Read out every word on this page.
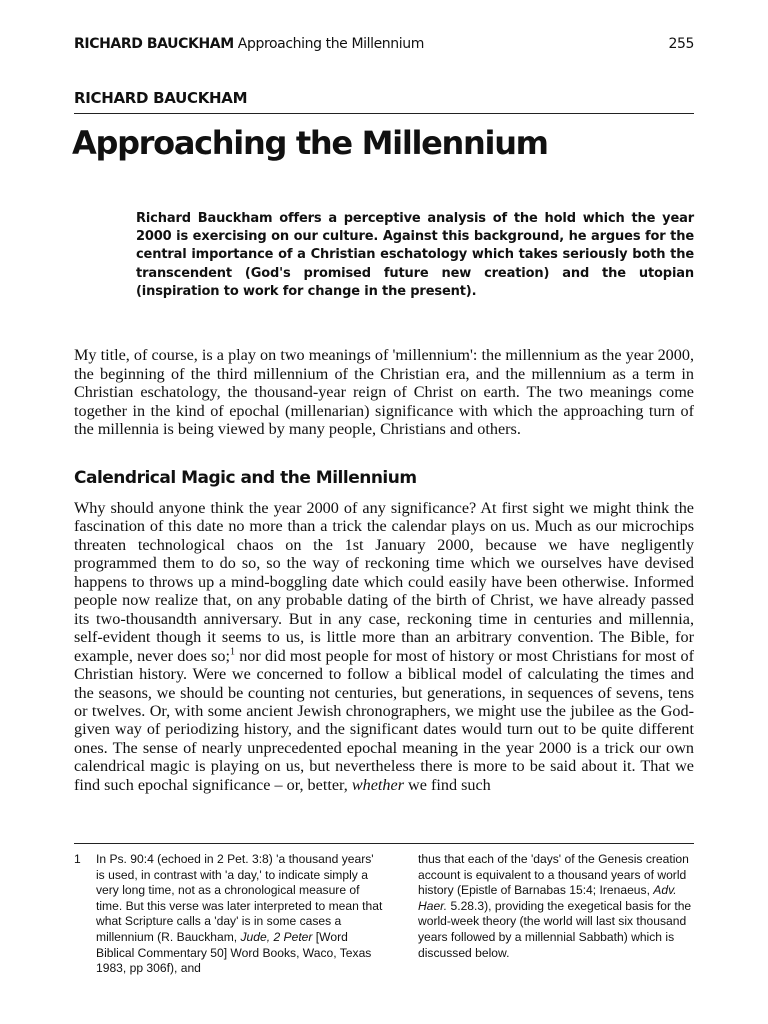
RICHARD BAUCKHAM Approaching the Millennium	255
RICHARD BAUCKHAM
Approaching the Millennium

Richard Bauckham offers a perceptive analysis of the hold which the year 2000 is exercising on our culture. Against this background, he argues for the central importance of a Christian eschatology which takes seriously both the transcendent (God's promised future new creation) and the utopian (inspiration to work for change in the present).

My title, of course, is a play on two meanings of 'millennium': the millennium as the year 2000, the beginning of the third millennium of the Christian era, and the millennium as a term in Christian eschatology, the thousand-year reign of Christ on earth. The two meanings come together in the kind of epochal (millenarian) significance with which the approaching turn of the millennia is being viewed by many people, Christians and others.

Calendrical Magic and the Millennium

Why should anyone think the year 2000 of any significance? At first sight we might think the fascination of this date no more than a trick the calendar plays on us. Much as our microchips threaten technological chaos on the 1st January 2000, because we have negligently programmed them to do so, so the way of reckoning time which we ourselves have devised happens to throws up a mind-boggling date which could easily have been otherwise. Informed people now realize that, on any probable dating of the birth of Christ, we have already passed its two-thousandth anniversary. But in any case, reckoning time in centuries and millennia, self-evident though it seems to us, is little more than an arbitrary convention. The Bible, for example, never does so;$^1$ nor did most people for most of history or most Christians for most of Christian history. Were we concerned to follow a biblical model of calculating the times and the seasons, we should be counting not centuries, but generations, in sequences of sevens, tens or twelves. Or, with some ancient Jewish chronographers, we might use the jubilee as the God-given way of periodizing history, and the significant dates would turn out to be quite different ones. The sense of nearly unprecedented epochal meaning in the year 2000 is a trick our own calendrical magic is playing on us, but nevertheless there is more to be said about it. That we find such epochal significance – or, better, whether we find such

1 In Ps. 90:4 (echoed in 2 Pet. 3:8) 'a thousand years' is used, in contrast with 'a day,' to indicate simply a very long time, not as a chronological measure of time. But this verse was later interpreted to mean that what Scripture calls a 'day' is in some cases a millennium (R. Bauckham, Jude, 2 Peter [Word Biblical Commentary 50] Word Books, Waco, Texas 1983, pp 306f), and

thus that each of the 'days' of the Genesis creation account is equivalent to a thousand years of world history (Epistle of Barnabas 15:4; Irenaeus, Adv. Haer. 5.28.3), providing the exegetical basis for the world-week theory (the world will last six thousand years followed by a millennial Sabbath) which is discussed below.
